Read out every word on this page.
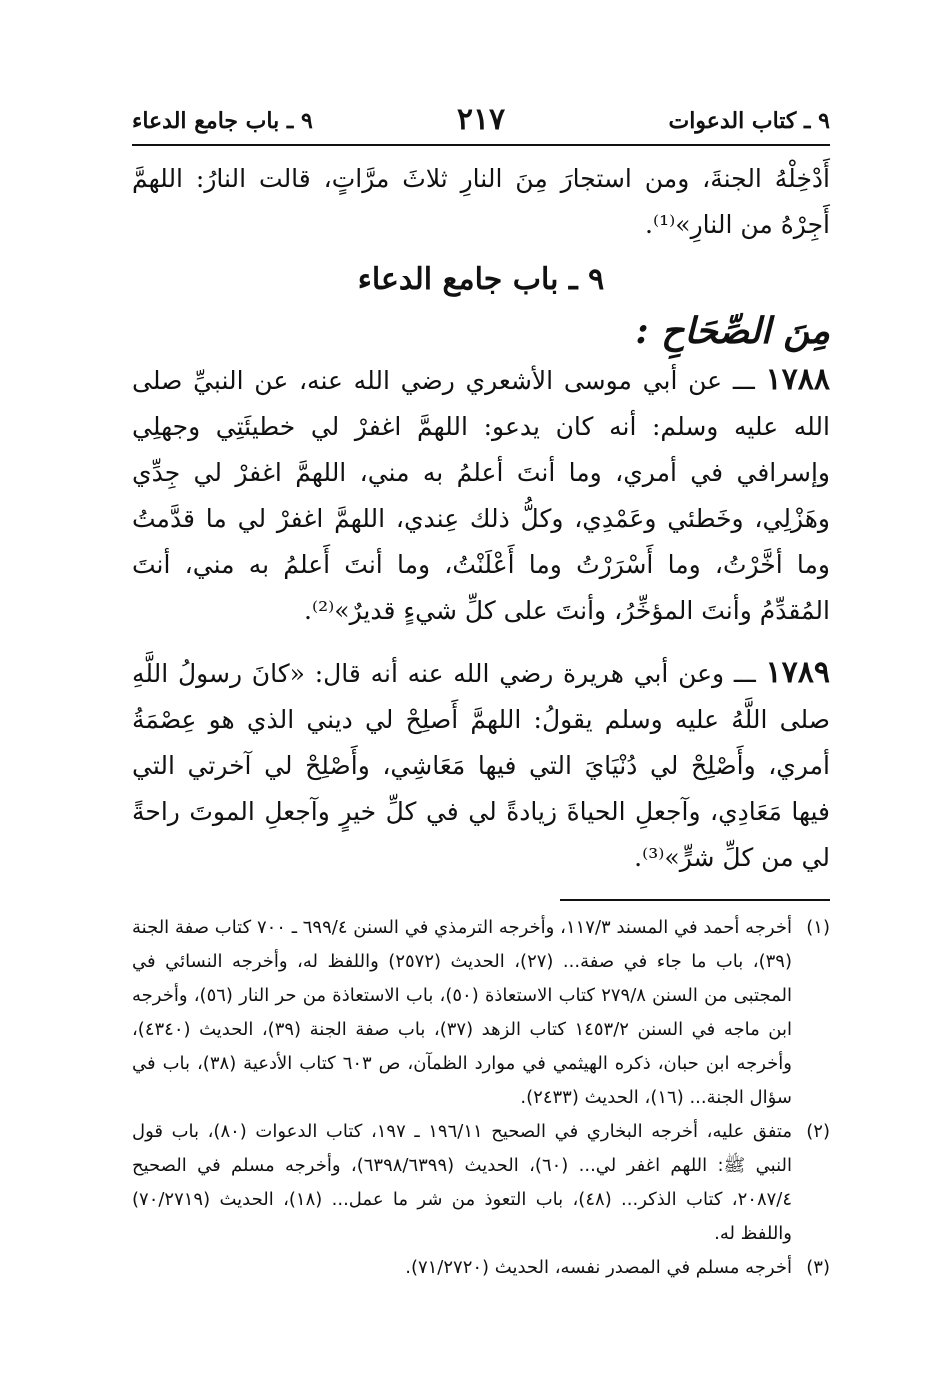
٩ ـ كتاب الدعوات
٢١٧
٩ ـ باب جامع الدعاء

أَدْخِلْهُ الجنةَ، ومن استجارَ مِنَ النارِ ثلاثَ مرَّاتٍ، قالت النارُ: اللهمَّ أَجِرْهُ من النارِ»⁽¹⁾.

٩ ـ باب جامع الدعاء
مِنَ الصِّحَاحِ :

١٧٨٨ ـــ عن أبي موسى الأشعري رضي الله عنه، عن النبيِّ صلى الله عليه وسلم: أنه كان يدعو: اللهمَّ اغفرْ لي خطيئَتِي وجهلِي وإسرافي في أمري، وما أنتَ أعلمُ به مني، اللهمَّ اغفرْ لي جِدِّي وهَزْلِي، وخَطئي وعَمْدِي، وكلُّ ذلك عِندي، اللهمَّ اغفرْ لي ما قدَّمتُ وما أخَّرْتُ، وما أَسْرَرْتُ وما أَعْلَنْتُ، وما أنتَ أَعلمُ به مني، أنتَ المُقدِّمُ وأنتَ المؤخِّرُ، وأنتَ على كلِّ شيءٍ قديرٌ»⁽²⁾.

١٧٨٩ ـــ وعن أبي هريرة رضي الله عنه أنه قال: «كانَ رسولُ اللَّهِ صلى اللَّهُ عليه وسلم يقولُ: اللهمَّ أَصلِحْ لي ديني الذي هو عِصْمَةُ أمري، وأَصْلِحْ لي دُنْيَايَ التي فيها مَعَاشِي، وأَصْلِحْ لي آخرتي التي فيها مَعَادِي، وآجعلِ الحياةَ زيادةً لي في كلِّ خيرٍ وآجعلِ الموتَ راحةً لي من كلِّ شرٍّ»⁽³⁾.

(١)
أخرجه أحمد في المسند ١١٧/٣، وأخرجه الترمذي في السنن ٦٩٩/٤ ـ ٧٠٠ كتاب صفة الجنة (٣٩)، باب ما جاء في صفة... (٢٧)، الحديث (٢٥٧٢) واللفظ له، وأخرجه النسائي في المجتبى من السنن ٢٧٩/٨ كتاب الاستعاذة (٥٠)، باب الاستعاذة من حر النار (٥٦)، وأخرجه ابن ماجه في السنن ١٤٥٣/٢ كتاب الزهد (٣٧)، باب صفة الجنة (٣٩)، الحديث (٤٣٤٠)، وأخرجه ابن حبان، ذكره الهيثمي في موارد الظمآن، ص ٦٠٣ كتاب الأدعية (٣٨)، باب في سؤال الجنة... (١٦)، الحديث (٢٤٣٣).
(٢)
متفق عليه، أخرجه البخاري في الصحيح ١٩٦/١١ ـ ١٩٧، كتاب الدعوات (٨٠)، باب قول النبي ﷺ: اللهم اغفر لي... (٦٠)، الحديث (٦٣٩٨/٦٣٩٩)، وأخرجه مسلم في الصحيح ٢٠٨٧/٤، كتاب الذكر... (٤٨)، باب التعوذ من شر ما عمل... (١٨)، الحديث (٧٠/٢٧١٩) واللفظ له.
(٣)
أخرجه مسلم في المصدر نفسه، الحديث (٧١/٢٧٢٠).
